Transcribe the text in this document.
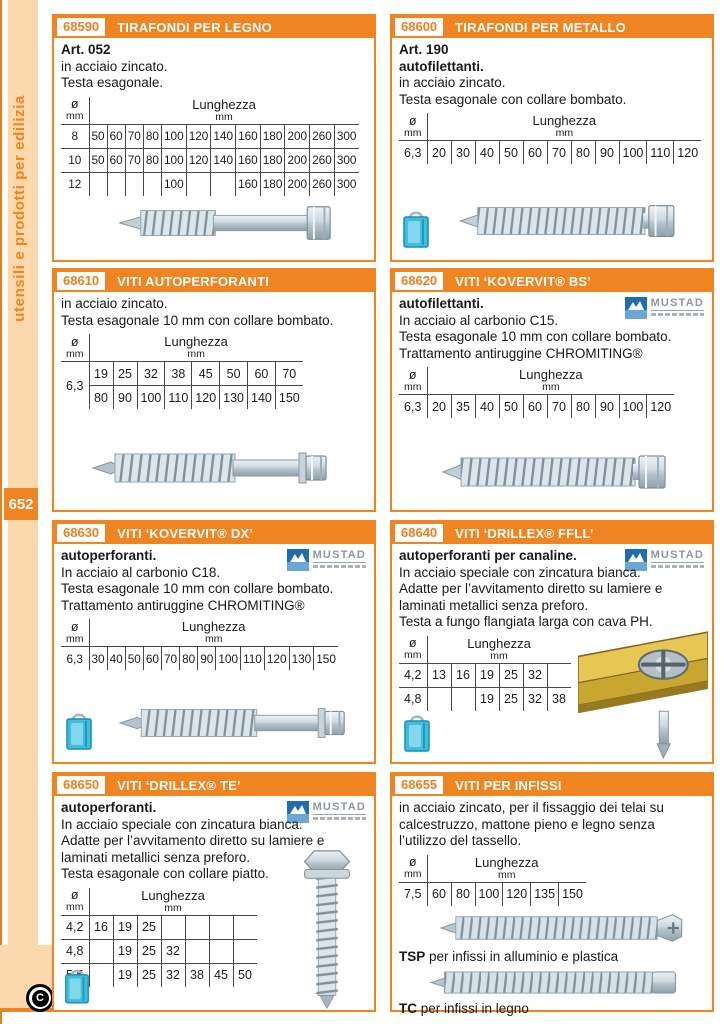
utensili e prodotti per edilizia
652
C
68590	TIRAFONDI PER LEGNO
Art. 052
in acciaio zincato.
Testa esagonale.
ø
mm

Lunghezza
mm

8	50	60	70	80	100	120	140	160	180	200	260	300
10	50	60	70	80	100	120	140	160	180	200	260	300
12					100			160	180	200	260	300
68600	TIRAFONDI PER METALLO
Art. 190
autofilettanti.
in acciaio zincato.
Testa esagonale con collare bombato.
ø
mm

Lunghezza
mm

6,3	20	30	40	50	60	70	80	90	100	110	120
68610	VITI AUTOPERFORANTI
in acciaio zincato.
Testa esagonale 10 mm con collare bombato.
ø
mm

Lunghezza
mm

6,3	19	25	32	38	45	50	60	70
	80	90	100	110	120	130	140	150
68620	VITI ‘KOVERVIT® BS’
MUSTAD
autofilettanti.
In acciaio al carbonio C15.
Testa esagonale 10 mm con collare bombato.
Trattamento antiruggine CHROMITING®
ø
mm

Lunghezza
mm

6,3	20	35	40	50	60	70	80	90	100	120
68630	VITI ‘KOVERVIT® DX’
MUSTAD
autoperforanti.
In acciaio al carbonio C18.
Testa esagonale 10 mm con collare bombato.
Trattamento antiruggine CHROMITING®
ø
mm

Lunghezza
mm

6,3	30	40	50	60	70	80	90	100	110	120	130	150
68640	VITI ‘DRILLEX® FFLL’
MUSTAD
autoperforanti per canaline.
In acciaio speciale con zincatura bianca.
Adatte per l’avvitamento diretto su lamiere e laminati metallici senza preforo.
Testa a fungo flangiata larga con cava PH.
ø
mm

Lunghezza
mm

4,2	13	16	19	25	32	
4,8			19	25	32	38
68650	VITI ‘DRILLEX® TE’
MUSTAD
autoperforanti.
In acciaio speciale con zincatura bianca.
Adatte per l’avvitamento diretto su lamiere e laminati metallici senza preforo.
Testa esagonale con collare piatto.
ø
mm

Lunghezza
mm

4,2	16	19	25				
4,8		19	25	32			
		19	25	32	38	45	50
68655	VITI PER INFISSI
in acciaio zincato, per il fissaggio dei telai su calcestruzzo, mattone pieno e legno senza l’utilizzo del tassello.
ø
mm

Lunghezza
mm

7,5	60	80	100	120	135	150
TSP per infissi in alluminio e plastica
TC per infissi in legno
